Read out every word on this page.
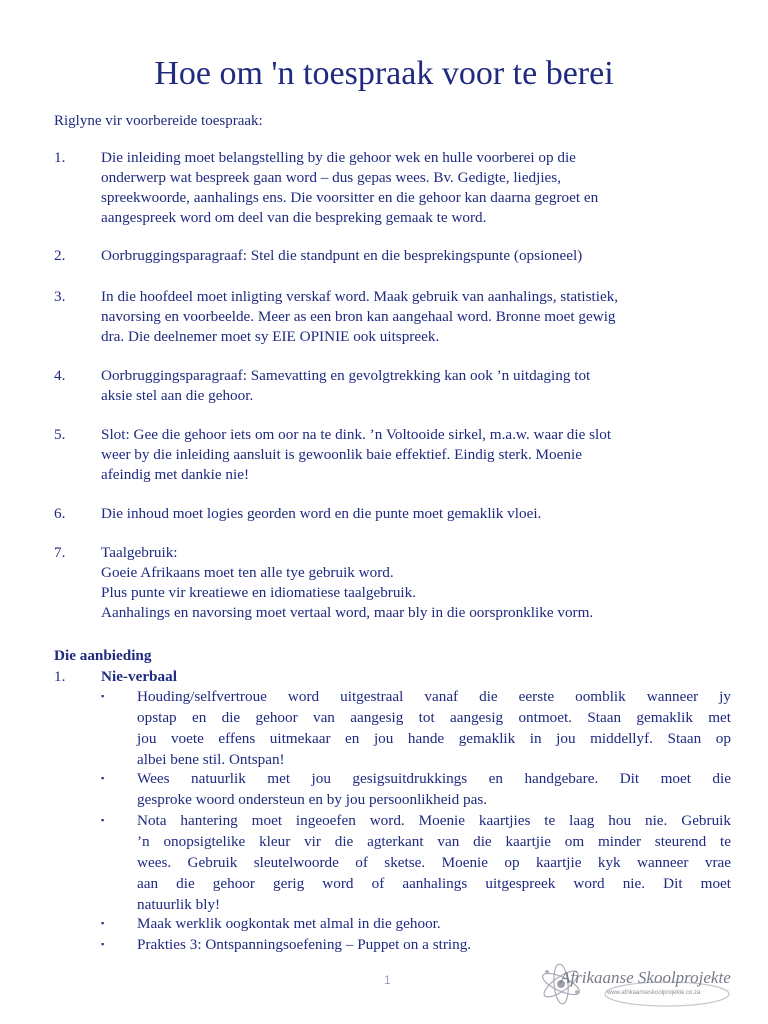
Hoe om 'n toespraak voor te berei

Riglyne vir voorbereide toespraak:

1.	Die inleiding moet belangstelling by die gehoor wek en hulle voorberei op die
onderwerp wat bespreek gaan word – dus gepas wees. Bv. Gedigte, liedjies,
spreekwoorde, aanhalings ens. Die voorsitter en die gehoor kan daarna gegroet en
aangespreek word om deel van die bespreking gemaak te word.
2.	Oorbruggingsparagraaf: Stel die standpunt en die besprekingspunte (opsioneel)
3.	In die hoofdeel moet inligting verskaf word. Maak gebruik van aanhalings, statistiek,
navorsing en voorbeelde. Meer as een bron kan aangehaal word. Bronne moet gewig
dra. Die deelnemer moet sy EIE OPINIE ook uitspreek.
4.	Oorbruggingsparagraaf: Samevatting en gevolgtrekking kan ook ’n uitdaging tot
aksie stel aan die gehoor.
5.	Slot: Gee die gehoor iets om oor na te dink. ’n Voltooide sirkel, m.a.w. waar die slot
weer by die inleiding aansluit is gewoonlik baie effektief. Eindig sterk. Moenie
afeindig met dankie nie!
6.	Die inhoud moet logies georden word en die punte moet gemaklik vloei.
7.	Taalgebruik:
Goeie Afrikaans moet ten alle tye gebruik word.
Plus punte vir kreatiewe en idiomatiese taalgebruik.
Aanhalings en navorsing moet vertaal word, maar bly in die oorspronklike vorm.
Die aanbieding
1. Nie-verbaal
▪	Houding/selfvertroue word uitgestraal vanaf die eerste oomblik wanneer jy
opstap en die gehoor van aangesig tot aangesig ontmoet. Staan gemaklik met
jou voete effens uitmekaar en jou hande gemaklik in jou middellyf. Staan op
albei bene stil. Ontspan!
▪	Wees natuurlik met jou gesigsuitdrukkings en handgebare. Dit moet die
gesproke woord ondersteun en by jou persoonlikheid pas.
▪	Nota hantering moet ingeoefen word. Moenie kaartjies te laag hou nie. Gebruik
’n onopsigtelike kleur vir die agterkant van die kaartjie om minder steurend te
wees. Gebruik sleutelwoorde of sketse. Moenie op kaartjie kyk wanneer vrae
aan die gehoor gerig word of aanhalings uitgespreek word nie. Dit moet
natuurlik bly!
▪	Maak werklik oogkontak met almal in die gehoor.
▪	Prakties 3: Ontspanningsoefening – Puppet on a string.
1	Afrikaanse Skoolprojekte
www.afrikaanseskoolprojekte.co.za
